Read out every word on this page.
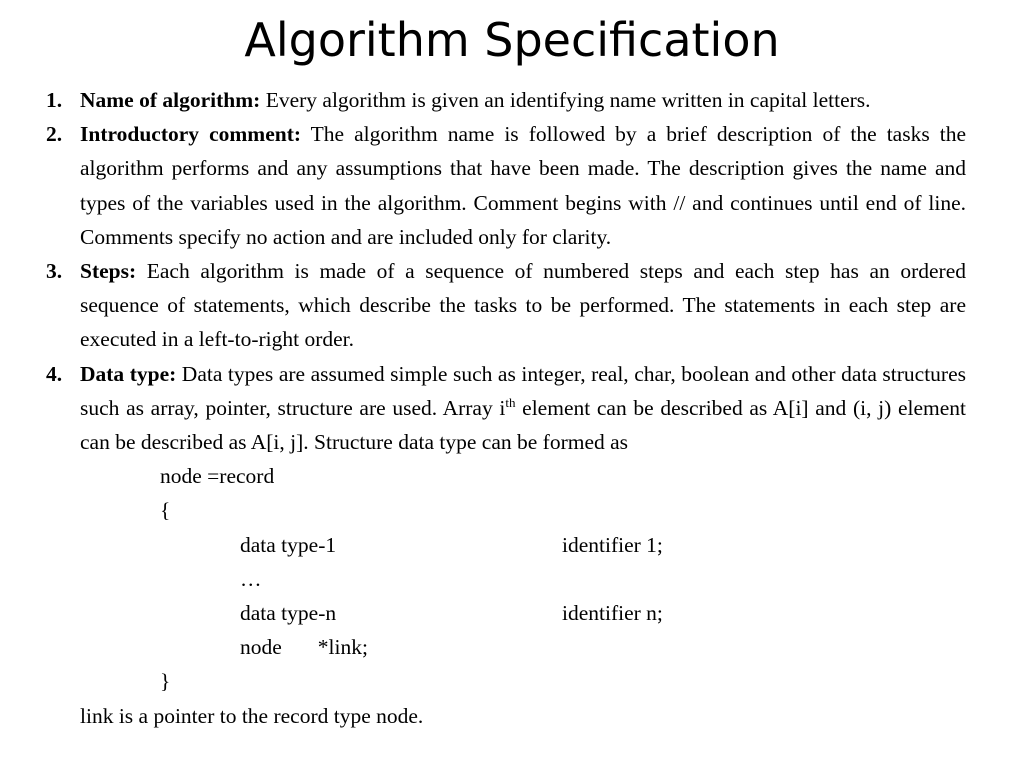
Algorithm Specification
1. Name of algorithm: Every algorithm is given an identifying name written in capital letters.
2. Introductory comment: The algorithm name is followed by a brief description of the tasks the algorithm performs and any assumptions that have been made. The description gives the name and types of the variables used in the algorithm. Comment begins with // and continues until end of line. Comments specify no action and are included only for clarity.
3. Steps: Each algorithm is made of a sequence of numbered steps and each step has an ordered sequence of statements, which describe the tasks to be performed. The statements in each step are executed in a left-to-right order.
4. Data type: Data types are assumed simple such as integer, real, char, boolean and other data structures such as array, pointer, structure are used. Array $i^{th}$ element can be described as A[i] and (i, j) element can be described as A[i, j]. Structure data type can be formed as
node =record
{
data type-1	identifier 1;
…
data type-n	identifier n;
node *link;
}
link is a pointer to the record type node.
